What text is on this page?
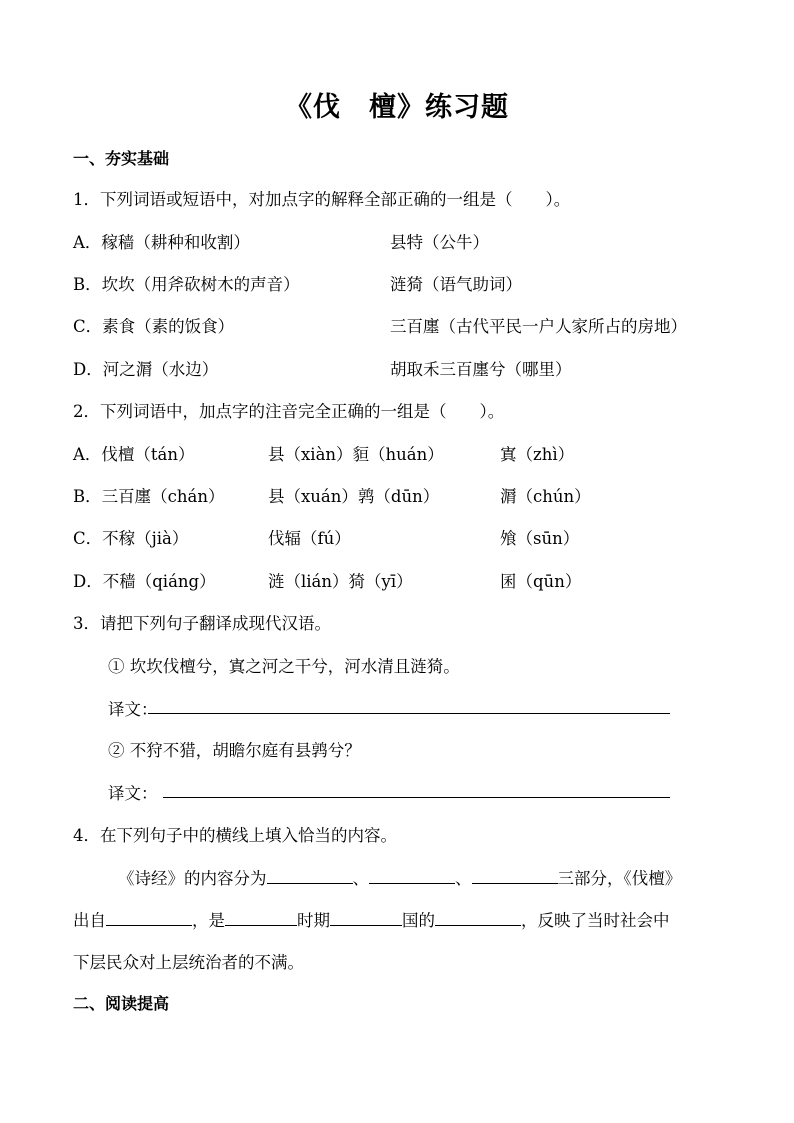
《伐　檀》练习题
一、夯实基础
1．下列词语或短语中，对加点字的解释全部正确的一组是（　　）。
A．稼穑（耕种和收割）	县特（公牛）
B．坎坎（用斧砍树木的声音）	涟猗（语气助词）
C．素食（素的饭食）	三百廛（古代平民一户人家所占的房地）
D．河之漘（水边）	胡取禾三百廛兮（哪里）
2．下列词语中，加点字的注音完全正确的一组是（　　）。
A．伐檀（tán）	县（xiàn）貆（huán）	寘（zhì）
B．三百廛（chán）	县（xuán）鹑（dūn）	漘（chún）
C．不稼（jià）	伐辐（fú）	飧（sūn）
D．不穑（qiáng）	涟（lián）猗（yī）	囷（qūn）
3．请把下列句子翻译成现代汉语。
① 坎坎伐檀兮，寘之河之干兮，河水清且涟猗。
译文：
② 不狩不猎，胡瞻尔庭有县鹑兮？
译文：
4．在下列句子中的横线上填入恰当的内容。
《诗经》的内容分为	、	、	三部分，《伐檀》
出自	，是	时期	国的	，反映了当时社会中
下层民众对上层统治者的不满。
二、阅读提高
